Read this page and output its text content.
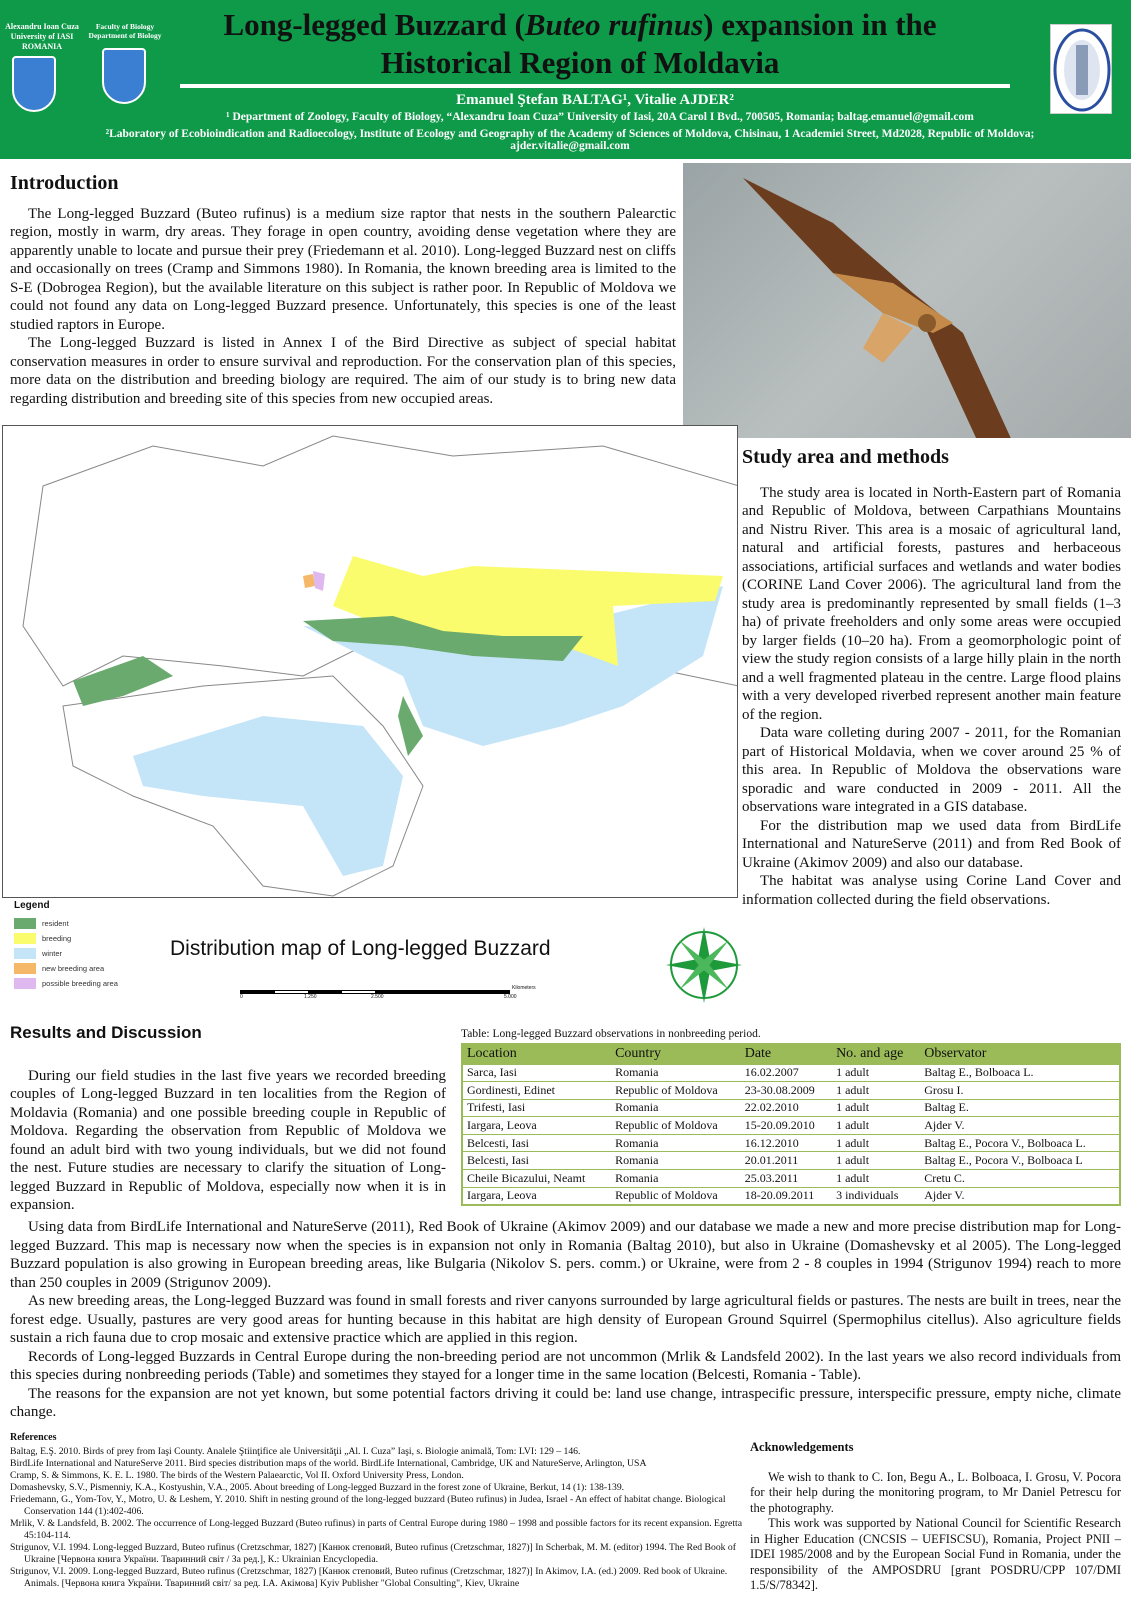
Alexandru Ioan Cuza University of IASI ROMANIA
Faculty of Biology Department of Biology	Long-legged Buzzard (Buteo rufinus) expansion in the Historical Region of Moldavia
Emanuel Ştefan BALTAG¹, Vitalie AJDER²
¹ Department of Zoology, Faculty of Biology, “Alexandru Ioan Cuza” University of Iasi, 20A Carol I Bvd., 700505, Romania; baltag.emanuel@gmail.com
²Laboratory of Ecobioindication and Radioecology, Institute of Ecology and Geography of the Academy of Sciences of Moldova, Chisinau, 1 Academiei Street, Md2028, Republic of Moldova; ajder.vitalie@gmail.com
Introduction

The Long-legged Buzzard (Buteo rufinus) is a medium size raptor that nests in the southern Palearctic region, mostly in warm, dry areas. They forage in open country, avoiding dense vegetation where they are apparently unable to locate and pursue their prey (Friedemann et al. 2010). Long-legged Buzzard nest on cliffs and occasionally on trees (Cramp and Simmons 1980). In Romania, the known breeding area is limited to the S-E (Dobrogea Region), but the available literature on this subject is rather poor. In Republic of Moldova we could not found any data on Long-legged Buzzard presence. Unfortunately, this species is one of the least studied raptors in Europe.

The Long-legged Buzzard is listed in Annex I of the Bird Directive as subject of special habitat conservation measures in order to ensure survival and reproduction. For the conservation plan of this species, more data on the distribution and breeding biology are required. The aim of our study is to bring new data regarding distribution and breeding site of this species from new occupied areas.

Legend
resident
breeding
winter
new breeding area
possible breeding area
Distribution map of Long-legged Buzzard
Kilometers
0	1.250	2.500	5.000
Study area and methods

The study area is located in North-Eastern part of Romania and Republic of Moldova, between Carpathians Mountains and Nistru River. This area is a mosaic of agricultural land, natural and artificial forests, pastures and herbaceous associations, artificial surfaces and wetlands and water bodies (CORINE Land Cover 2006). The agricultural land from the study area is predominantly represented by small fields (1–3 ha) of private freeholders and only some areas were occupied by larger fields (10–20 ha). From a geomorphologic point of view the study region consists of a large hilly plain in the north and a well fragmented plateau in the centre. Large flood plains with a very developed riverbed represent another main feature of the region.

Data ware colleting during 2007 - 2011, for the Romanian part of Historical Moldavia, when we cover around 25 % of this area. In Republic of Moldova the observations ware sporadic and ware conducted in 2009 - 2011. All the observations ware integrated in a GIS database.

For the distribution map we used data from BirdLife International and NatureServe (2011) and from Red Book of Ukraine (Akimov 2009) and also our database.

The habitat was analyse using Corine Land Cover and information collected during the field observations.

Results and Discussion

During our field studies in the last five years we recorded breeding couples of Long-legged Buzzard in ten localities from the Region of Moldavia (Romania) and one possible breeding couple in Republic of Moldova. Regarding the observation from Republic of Moldova we found an adult bird with two young individuals, but we did not found the nest. Future studies are necessary to clarify the situation of Long-legged Buzzard in Republic of Moldova, especially now when it is in expansion.

Table: Long-legged Buzzard observations in nonbreeding period.
Location	Country	Date	No. and age	Observator
Sarca, Iasi	Romania	16.02.2007	1 adult	Baltag E., Bolboaca L.
Gordinesti, Edinet	Republic of Moldova	23-30.08.2009	1 adult	Grosu I.
Trifesti, Iasi	Romania	22.02.2010	1 adult	Baltag E.
Iargara, Leova	Republic of Moldova	15-20.09.2010	1 adult	Ajder V.
Belcesti, Iasi	Romania	16.12.2010	1 adult	Baltag E., Pocora V., Bolboaca L.
Belcesti, Iasi	Romania	20.01.2011	1 adult	Baltag E., Pocora V., Bolboaca L
Cheile Bicazului, Neamt	Romania	25.03.2011	1 adult	Cretu C.
Iargara, Leova	Republic of Moldova	18-20.09.2011	3 individuals	Ajder V.

Using data from BirdLife International and NatureServe (2011), Red Book of Ukraine (Akimov 2009) and our database we made a new and more precise distribution map for Long-legged Buzzard. This map is necessary now when the species is in expansion not only in Romania (Baltag 2010), but also in Ukraine (Domashevsky et al 2005). The Long-legged Buzzard population is also growing in European breeding areas, like Bulgaria (Nikolov S. pers. comm.) or Ukraine, were from 2 - 8 couples in 1994 (Strigunov 1994) reach to more than 250 couples in 2009 (Strigunov 2009).

As new breeding areas, the Long-legged Buzzard was found in small forests and river canyons surrounded by large agricultural fields or pastures. The nests are built in trees, near the forest edge. Usually, pastures are very good areas for hunting because in this habitat are high density of European Ground Squirrel (Spermophilus citellus). Also agriculture fields sustain a rich fauna due to crop mosaic and extensive practice which are applied in this region.

Records of Long-legged Buzzards in Central Europe during the non-breeding period are not uncommon (Mrlik & Landsfeld 2002). In the last years we also record individuals from this species during nonbreeding periods (Table) and sometimes they stayed for a longer time in the same location (Belcesti, Romania - Table).

The reasons for the expansion are not yet known, but some potential factors driving it could be: land use change, intraspecific pressure, interspecific pressure, empty niche, climate change.

References
Baltag, E.Ş. 2010. Birds of prey from Iaşi County. Analele Ştiinţifice ale Universităţii „Al. I. Cuza” Iaşi, s. Biologie animală, Tom: LVI: 129 – 146.
BirdLife International and NatureServe 2011. Bird species distribution maps of the world. BirdLife International, Cambridge, UK and NatureServe, Arlington, USA
Cramp, S. & Simmons, K. E. L. 1980. The birds of the Western Palaearctic, Vol II. Oxford University Press, London.
Domashevsky, S.V., Pismenniy, K.A., Kostyushin, V.A., 2005. About breeding of Long-legged Buzzard in the forest zone of Ukraine, Berkut, 14 (1): 138-139.
Friedemann, G., Yom-Tov, Y., Motro, U. & Leshem, Y. 2010. Shift in nesting ground of the long-legged buzzard (Buteo rufinus) in Judea, Israel - An effect of habitat change. Biological Conservation 144 (1):402-406.
Mrlik, V. & Landsfeld, B. 2002. The occurrence of Long-legged Buzzard (Buteo rufinus) in parts of Central Europe during 1980 – 1998 and possible factors for its recent expansion. Egretta 45:104-114.
Strigunov, V.I. 1994. Long-legged Buzzard, Buteo rufinus (Cretzschmar, 1827) [Канюк степовий, Buteo rufinus (Cretzschmar, 1827)] In Scherbak, M. M. (editor) 1994. The Red Book of Ukraine [Червона книга України. Тваринний світ / За ред.], К.: Ukrainian Encyclopedia.
Strigunov, V.I. 2009. Long-legged Buzzard, Buteo rufinus (Cretzschmar, 1827) [Канюк степовий, Buteo rufinus (Cretzschmar, 1827)] In Akimov, I.A. (ed.) 2009. Red book of Ukraine. Animals. [Червона книга України. Тваринний світ/ за ред. I.A. Акімова] Kyiv Publisher "Global Consulting", Kiev, Ukraine
Acknowledgements

We wish to thank to C. Ion, Begu A., L. Bolboaca, I. Grosu, V. Pocora for their help during the monitoring program, to Mr Daniel Petrescu for the photography.

This work was supported by National Council for Scientific Research in Higher Education (CNCSIS – UEFISCSU), Romania, Project PNII – IDEI 1985/2008 and by the European Social Fund in Romania, under the responsibility of the AMPOSDRU [grant POSDRU/CPP 107/DMI 1.5/S/78342].
